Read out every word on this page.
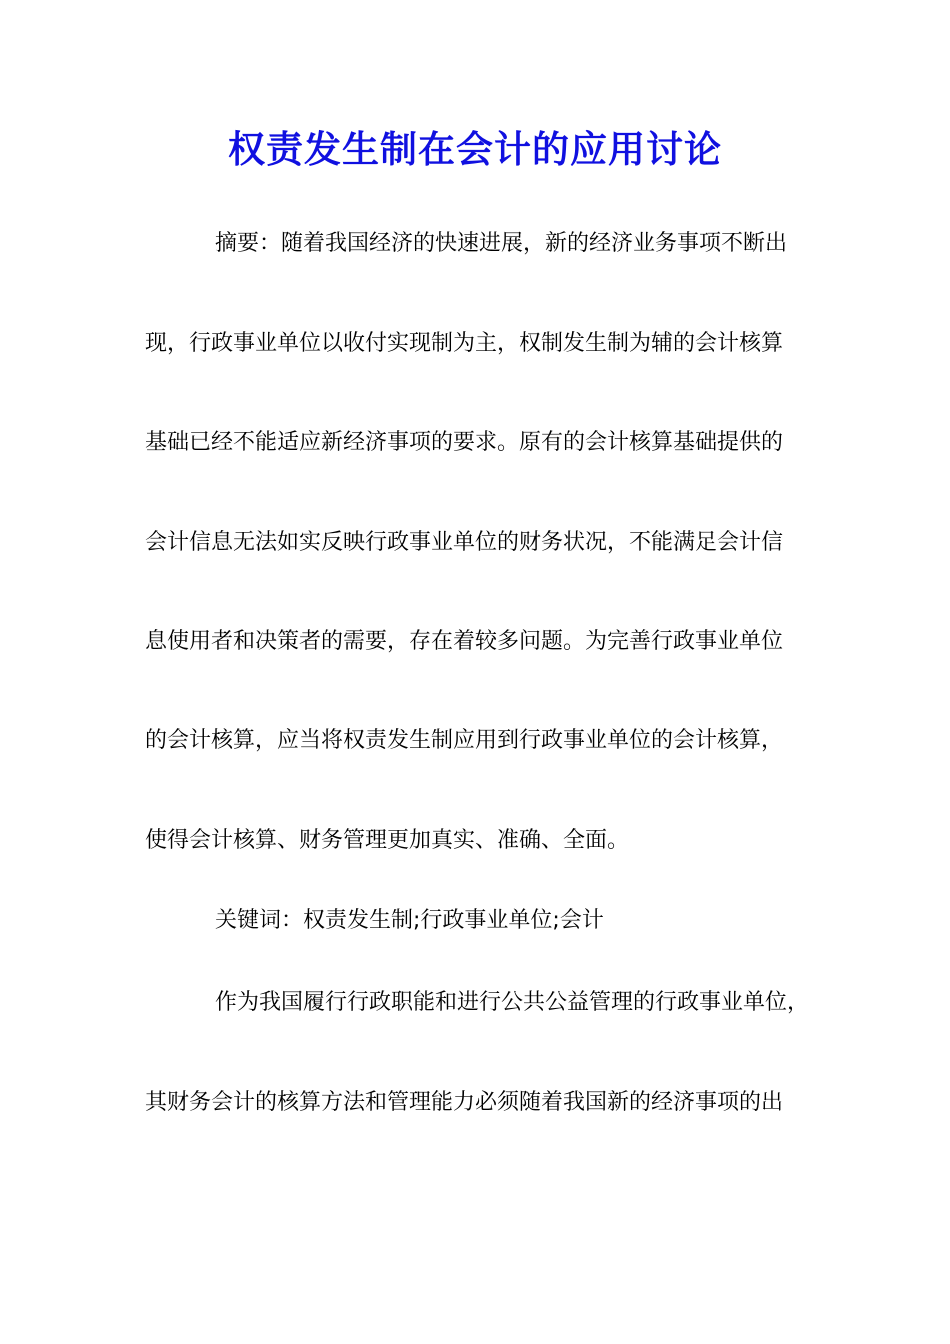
权责发生制在会计的应用讨论
摘要：随着我国经济的快速进展，新的经济业务事项不断出
现，行政事业单位以收付实现制为主，权制发生制为辅的会计核算
基础已经不能适应新经济事项的要求。原有的会计核算基础提供的
会计信息无法如实反映行政事业单位的财务状况，不能满足会计信
息使用者和决策者的需要，存在着较多问题。为完善行政事业单位
的会计核算，应当将权责发生制应用到行政事业单位的会计核算，
使得会计核算、财务管理更加真实、准确、全面。
关键词：权责发生制;行政事业单位;会计
作为我国履行行政职能和进行公共公益管理的行政事业单位，
其财务会计的核算方法和管理能力必须随着我国新的经济事项的出
